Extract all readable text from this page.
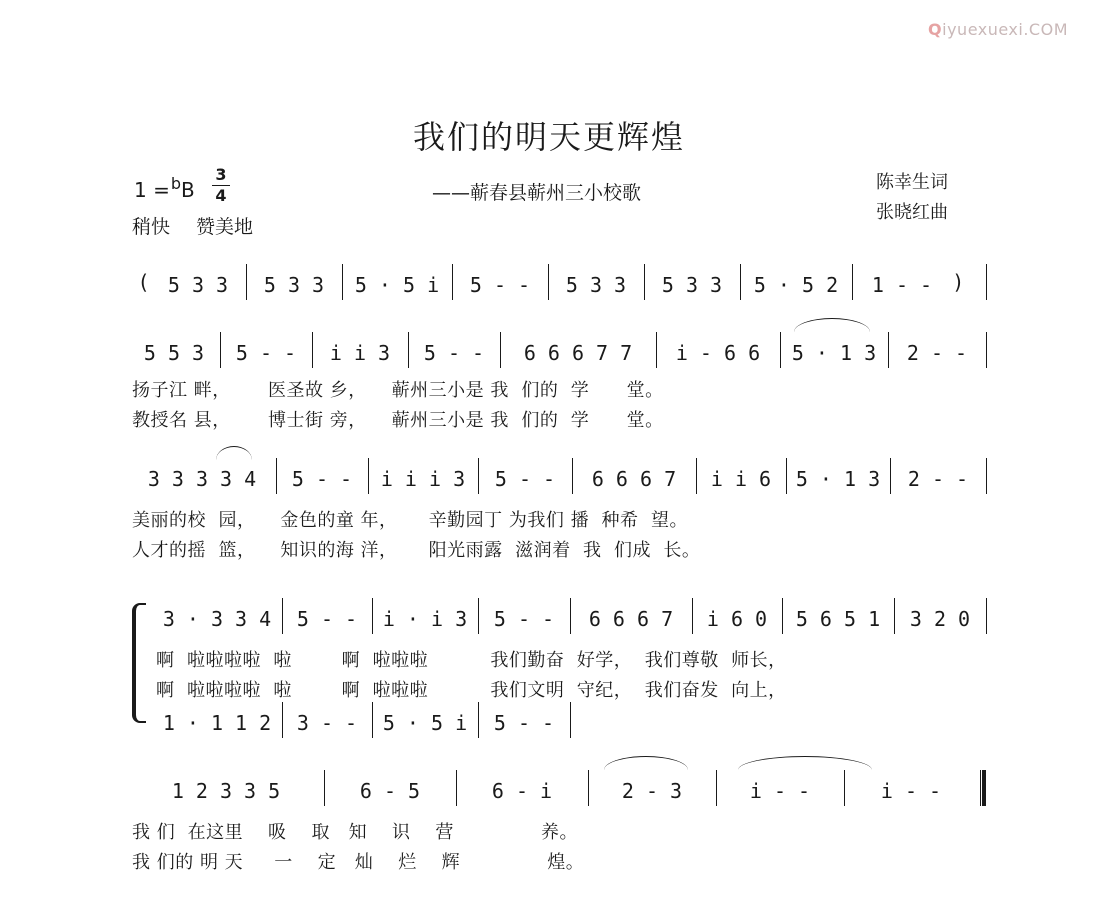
Qiyuexuexi.COM
我们的明天更辉煌
——蕲春县蕲州三小校歌
1 =$^b$B
3
4
稍快 赞美地
陈幸生词
张晓红曲
(	5 3 3	5 3 3	5 · 5 i	5 - -	5 3 3	5 3 3	5 · 5 2	1 - -	)
5 5 3	5 - -	i i 3	5 - -	6 6 6 7 7	i - 6 6	5 · 1 3	2 - -
扬子江 畔，      医圣故 乡，    蕲州三小是 我  们的  学      堂。
教授名 县，      博士街 旁，    蕲州三小是 我  们的  学      堂。
3 3 3 3 4	5 - -	i i i 3	5 - -	6 6 6 7	i i 6	5 · 1 3	2 - -
美丽的校  园，    金色的童 年，     辛勤园丁 为我们 播  种希  望。
人才的摇  篮，    知识的海 洋，     阳光雨露  滋润着  我  们成  长。
3 · 3 3 4	5 - -	i · i 3	5 - -	6 6 6 7	i 6 0	5 6 5 1	3 2 0
啊  啦啦啦啦  啦        啊  啦啦啦          我们勤奋  好学，  我们尊敬  师长，
啊  啦啦啦啦  啦        啊  啦啦啦          我们文明  守纪，  我们奋发  向上，
1 · 1 1 2	3 - -	5 · 5 i	5 - -
1 2 3 3 5	6 - 5	6 - i	2 - 3	i - -	i - -
我 们  在这里    吸    取   知    识    营              养。
我 们的 明 天     一    定   灿    烂    辉              煌。
